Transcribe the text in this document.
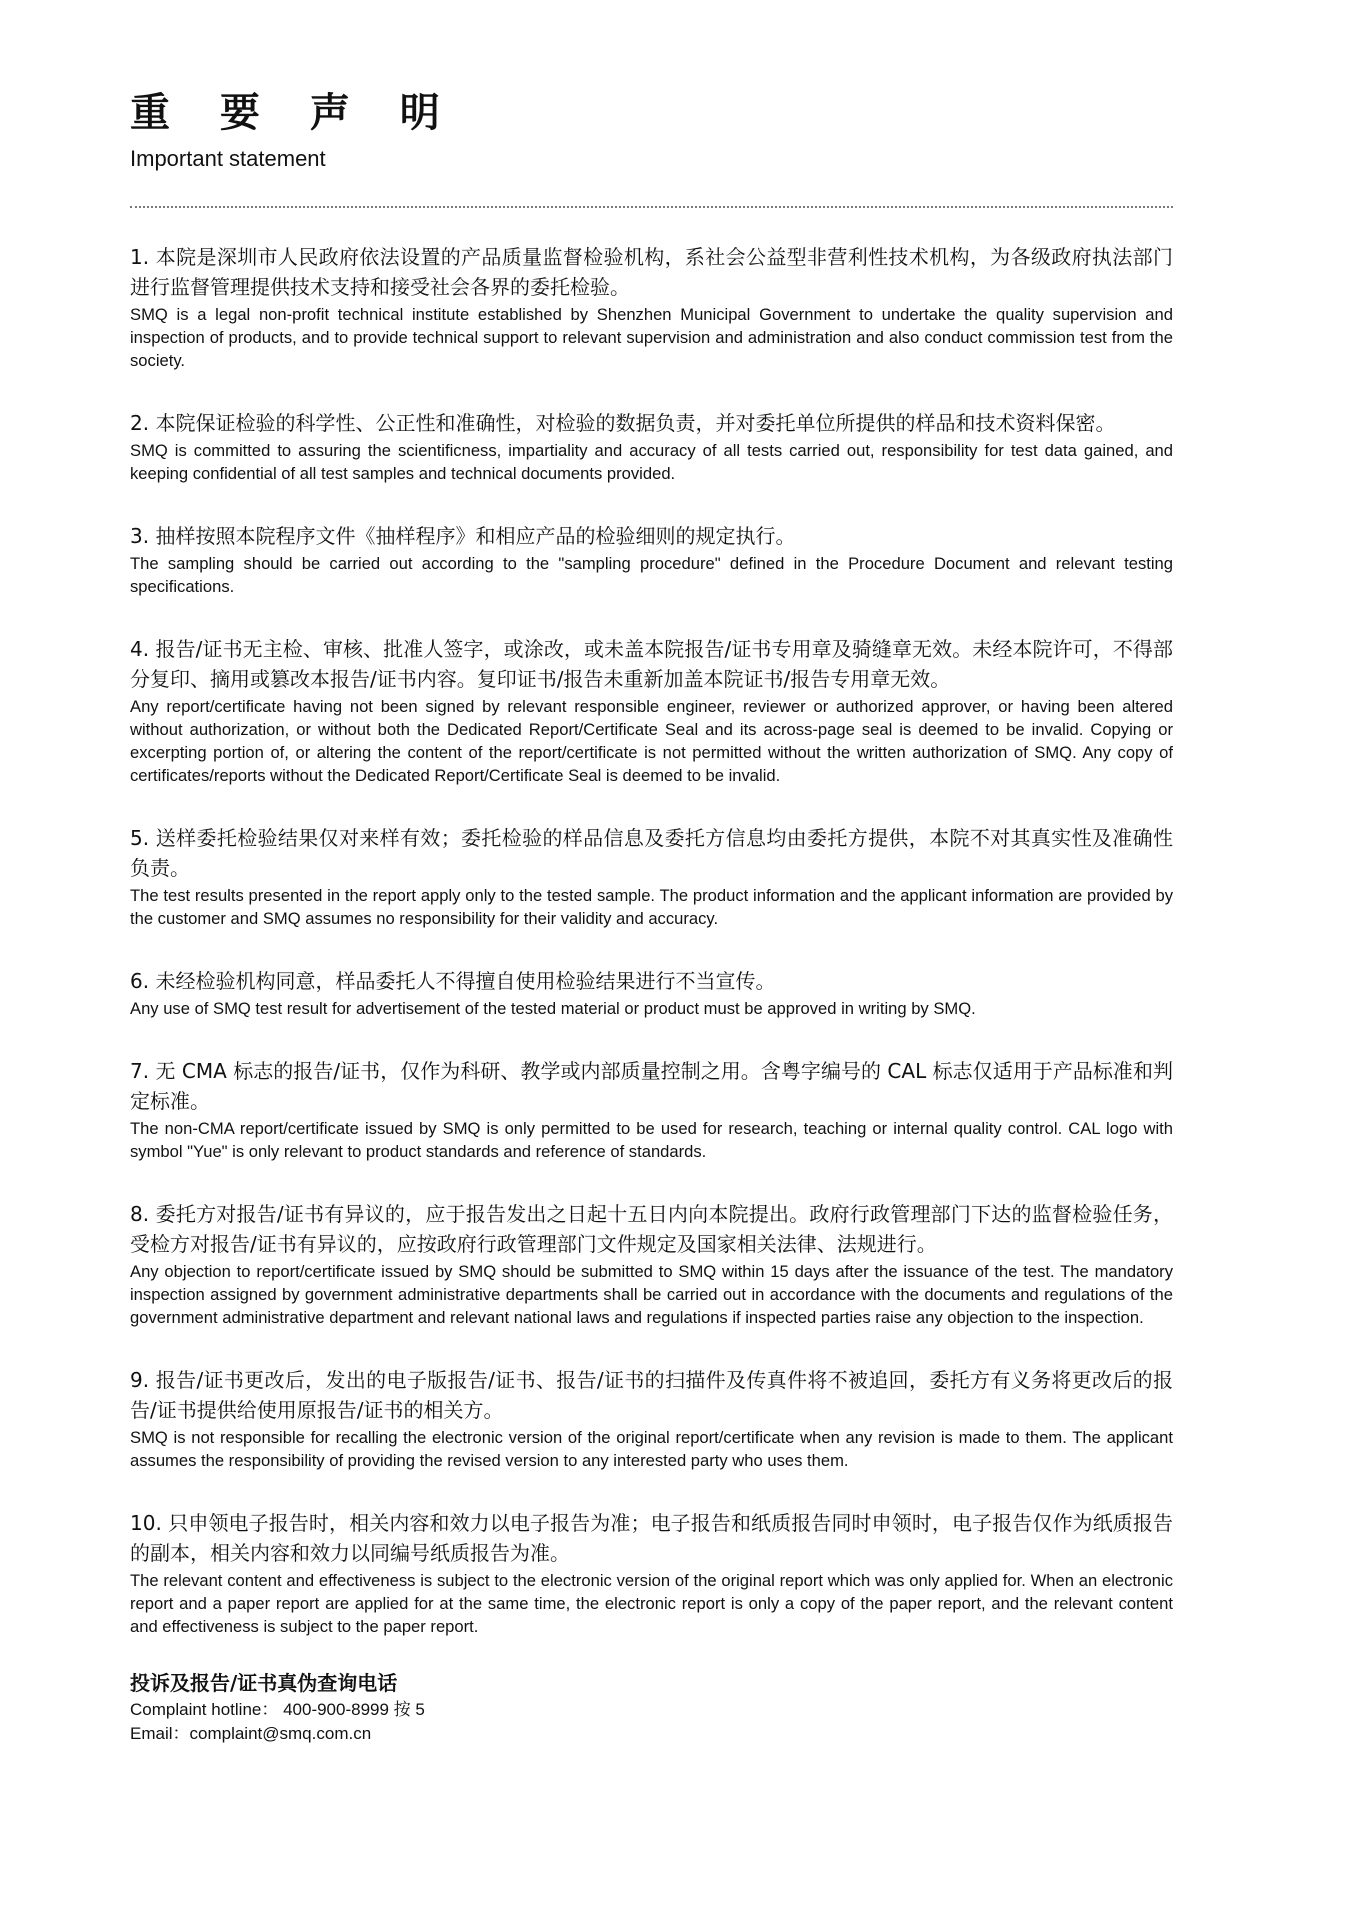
重 要 声 明
Important statement
1. 本院是深圳市人民政府依法设置的产品质量监督检验机构，系社会公益型非营利性技术机构，为各级政府执法部门进行监督管理提供技术支持和接受社会各界的委托检验。
SMQ is a legal non-profit technical institute established by Shenzhen Municipal Government to undertake the quality supervision and inspection of products, and to provide technical support to relevant supervision and administration and also conduct commission test from the society.
2. 本院保证检验的科学性、公正性和准确性，对检验的数据负责，并对委托单位所提供的样品和技术资料保密。
SMQ is committed to assuring the scientificness, impartiality and accuracy of all tests carried out, responsibility for test data gained, and keeping confidential of all test samples and technical documents provided.
3. 抽样按照本院程序文件《抽样程序》和相应产品的检验细则的规定执行。
The sampling should be carried out according to the "sampling procedure" defined in the Procedure Document and relevant testing specifications.
4. 报告/证书无主检、审核、批准人签字，或涂改，或未盖本院报告/证书专用章及骑缝章无效。未经本院许可，不得部分复印、摘用或篡改本报告/证书内容。复印证书/报告未重新加盖本院证书/报告专用章无效。
Any report/certificate having not been signed by relevant responsible engineer, reviewer or authorized approver, or having been altered without authorization, or without both the Dedicated Report/Certificate Seal and its across-page seal is deemed to be invalid. Copying or excerpting portion of, or altering the content of the report/certificate is not permitted without the written authorization of SMQ. Any copy of certificates/reports without the Dedicated Report/Certificate Seal is deemed to be invalid.
5. 送样委托检验结果仅对来样有效；委托检验的样品信息及委托方信息均由委托方提供，本院不对其真实性及准确性负责。
The test results presented in the report apply only to the tested sample. The product information and the applicant information are provided by the customer and SMQ assumes no responsibility for their validity and accuracy.
6. 未经检验机构同意，样品委托人不得擅自使用检验结果进行不当宣传。
Any use of SMQ test result for advertisement of the tested material or product must be approved in writing by SMQ.
7. 无 CMA 标志的报告/证书，仅作为科研、教学或内部质量控制之用。含粤字编号的 CAL 标志仅适用于产品标准和判定标准。
The non-CMA report/certificate issued by SMQ is only permitted to be used for research, teaching or internal quality control. CAL logo with symbol "Yue" is only relevant to product standards and reference of standards.
8. 委托方对报告/证书有异议的，应于报告发出之日起十五日内向本院提出。政府行政管理部门下达的监督检验任务，受检方对报告/证书有异议的，应按政府行政管理部门文件规定及国家相关法律、法规进行。
Any objection to report/certificate issued by SMQ should be submitted to SMQ within 15 days after the issuance of the test. The mandatory inspection assigned by government administrative departments shall be carried out in accordance with the documents and regulations of the government administrative department and relevant national laws and regulations if inspected parties raise any objection to the inspection.
9. 报告/证书更改后，发出的电子版报告/证书、报告/证书的扫描件及传真件将不被追回，委托方有义务将更改后的报告/证书提供给使用原报告/证书的相关方。
SMQ is not responsible for recalling the electronic version of the original report/certificate when any revision is made to them. The applicant assumes the responsibility of providing the revised version to any interested party who uses them.
10. 只申领电子报告时，相关内容和效力以电子报告为准；电子报告和纸质报告同时申领时，电子报告仅作为纸质报告的副本，相关内容和效力以同编号纸质报告为准。
The relevant content and effectiveness is subject to the electronic version of the original report which was only applied for. When an electronic report and a paper report are applied for at the same time, the electronic report is only a copy of the paper report, and the relevant content and effectiveness is subject to the paper report.
投诉及报告/证书真伪查询电话
Complaint hotline： 400-900-8999 按 5
Email：complaint@smq.com.cn
